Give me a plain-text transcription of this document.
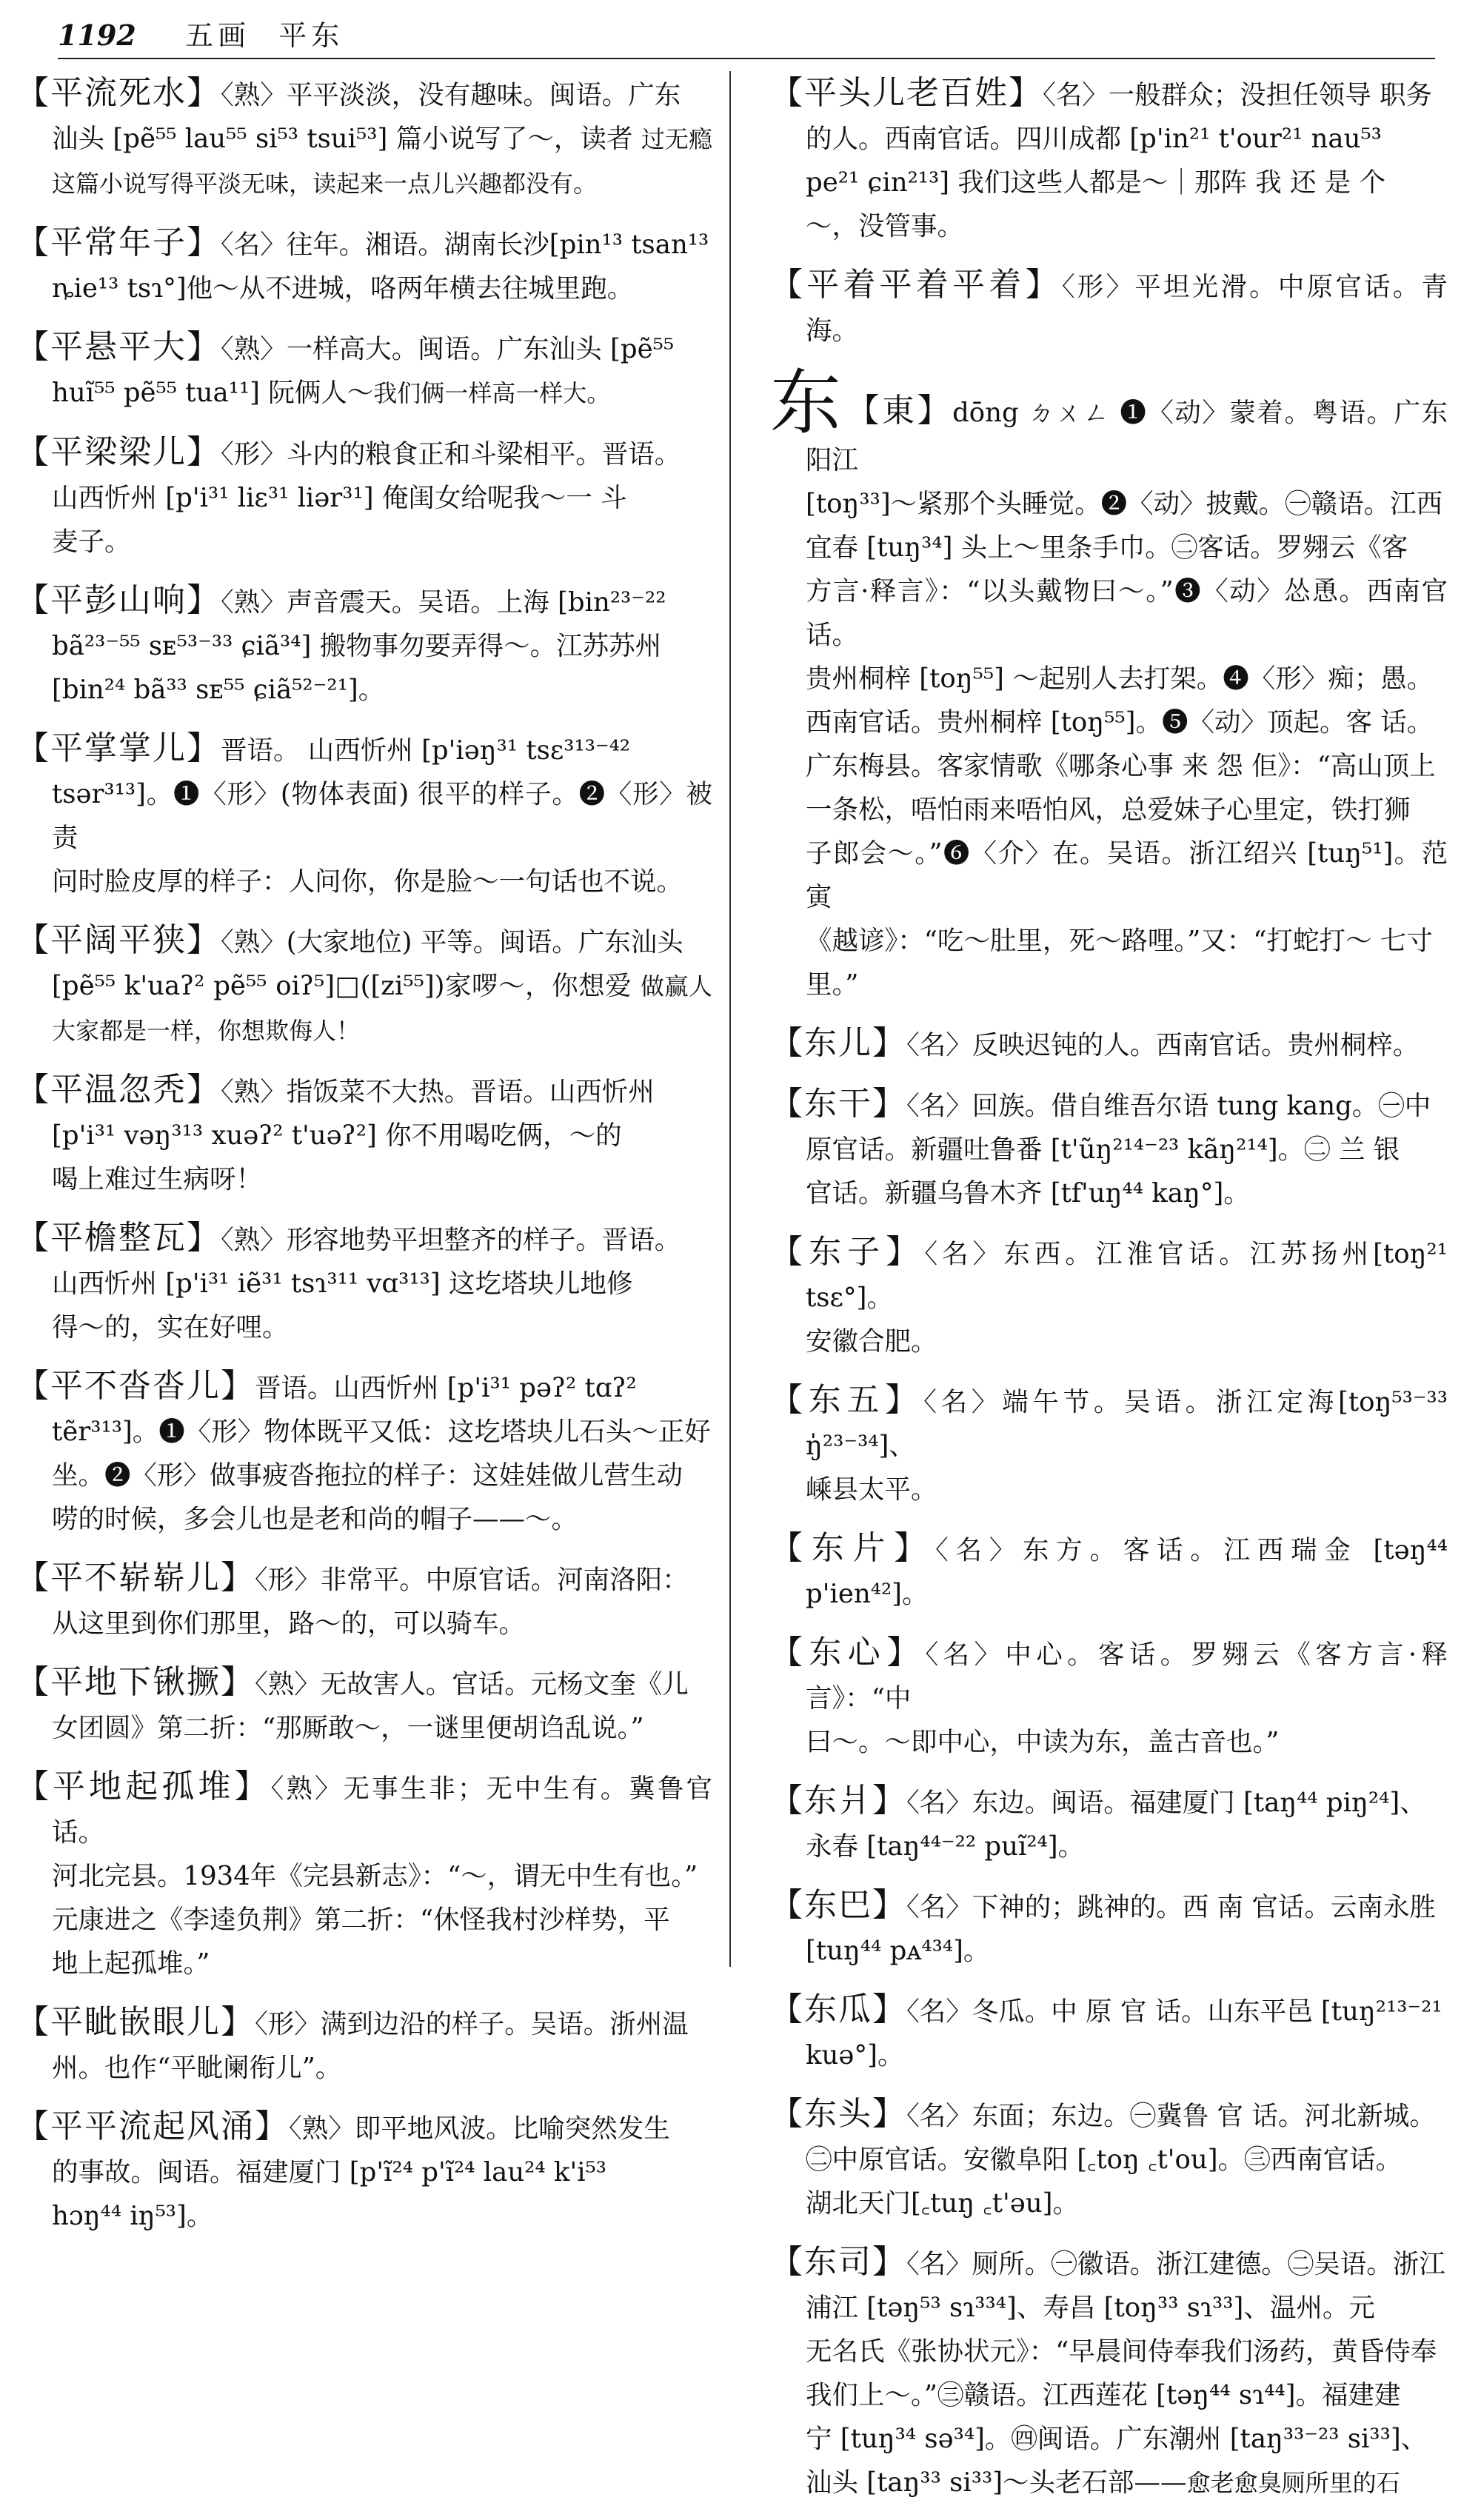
1192 五画 平东
【平流死水】〈熟〉平平淡淡，没有趣味。闽语。广东
汕头 [pẽ⁵⁵ lau⁵⁵ si⁵³ tsui⁵³] 篇小说写了～，读者 过无瘾这篇小说写得平淡无味，读起来一点儿兴趣都没有。
【平常年子】〈名〉往年。湘语。湖南长沙[pin¹³ tsan¹³
ȵie¹³ tsɿ°]他～从不进城，咯两年横去往城里跑。
【平悬平大】〈熟〉一样高大。闽语。广东汕头 [pẽ⁵⁵
huĩ⁵⁵ pẽ⁵⁵ tua¹¹] 阮俩人～我们俩一样高一样大。
【平梁梁儿】〈形〉斗内的粮食正和斗梁相平。晋语。
山西忻州 [p'i³¹ liɛ³¹ liər³¹] 俺闺女给呢我～一 斗
麦子。
【平彭山响】〈熟〉声音震天。吴语。上海 [bin²³⁻²²
bã²³⁻⁵⁵ sᴇ⁵³⁻³³ ɕiã³⁴] 搬物事勿要弄得～。江苏苏州
[bin²⁴ bã³³ sᴇ⁵⁵ ɕiã⁵²⁻²¹]。
【平掌掌儿】晋语。 山西忻州 [p'iəŋ³¹ tsɛ³¹³⁻⁴²
tsər³¹³]。❶〈形〉(物体表面) 很平的样子。❷〈形〉被责
问时脸皮厚的样子：人问你，你是脸～一句话也不说。
【平阔平狭】〈熟〉(大家地位) 平等。闽语。广东汕头
[pẽ⁵⁵ k'uaʔ² pẽ⁵⁵ oiʔ⁵]□([zi⁵⁵])家啰～，你想爱 做赢人大家都是一样，你想欺侮人！
【平温忽秃】〈熟〉指饭菜不大热。晋语。山西忻州
[p'i³¹ vəŋ³¹³ xuəʔ² t'uəʔ²] 你不用喝吃俩，～的
喝上难过生病呀！
【平檐整瓦】〈熟〉形容地势平坦整齐的样子。晋语。
山西忻州 [p'i³¹ iẽ³¹ tsɿ³¹¹ vɑ³¹³] 这圪塔块儿地修
得～的，实在好哩。
【平不沓沓儿】晋语。山西忻州 [p'i³¹ pəʔ² tɑʔ²
tẽr³¹³]。❶〈形〉物体既平又低：这圪塔块儿石头～正好
坐。❷〈形〉做事疲沓拖拉的样子：这娃娃做儿营生动
唠的时候，多会儿也是老和尚的帽子——～。
【平不崭崭儿】〈形〉非常平。中原官话。河南洛阳：
从这里到你们那里，路～的，可以骑车。
【平地下锹撅】〈熟〉无故害人。官话。元杨文奎《儿
女团圆》第二折：“那厮敢～，一谜里便胡诌乱说。”
【平地起孤堆】〈熟〉无事生非；无中生有。冀鲁官话。
河北完县。1934年《完县新志》：“～，谓无中生有也。”
元康进之《李逵负荆》第二折：“休怪我村沙样势，平
地上起孤堆。”
【平眦嵌眼儿】〈形〉满到边沿的样子。吴语。浙州温
州。也作“平眦阑衔儿”。
【平平流起风涌】〈熟〉即平地风波。比喻突然发生
的事故。闽语。福建厦门 [p'ĩ²⁴ p'ĩ²⁴ lau²⁴ k'i⁵³
hɔŋ⁴⁴ iŋ⁵³]。
【平头儿老百姓】〈名〉一般群众；没担任领导 职务
的人。西南官话。四川成都 [p'in²¹ t'our²¹ nau⁵³
pe²¹ ɕin²¹³] 我们这些人都是～｜那阵 我 还 是 个
～，没管事。
【平着平着平着】〈形〉平坦光滑。中原官话。青海。
东 【東】dōng ㄉㄨㄥ ❶〈动〉蒙着。粤语。广东阳江
[toŋ³³]～紧那个头睡觉。❷〈动〉披戴。㊀赣语。江西
宜春 [tuŋ³⁴] 头上～里条手巾。㊁客话。罗翙云《客
方言·释言》：“以头戴物曰～。”❸〈动〉怂恿。西南官话。
贵州桐梓 [toŋ⁵⁵] ～起别人去打架。❹〈形〉痴；愚。
西南官话。贵州桐梓 [toŋ⁵⁵]。❺〈动〉顶起。客 话。
广东梅县。客家情歌《哪条心事 来 怨 佢》：“高山顶上
一条松，唔怕雨来唔怕风，总爱妹子心里定，铁打狮
子郎会～。”❻〈介〉在。吴语。浙江绍兴 [tuŋ⁵¹]。范寅
《越谚》：“吃～肚里，死～路哩。”又：“打蛇打～ 七寸
里。”
【东儿】〈名〉反映迟钝的人。西南官话。贵州桐梓。
【东干】〈名〉回族。借自维吾尔语 tung kang。㊀中
原官话。新疆吐鲁番 [t'ũŋ²¹⁴⁻²³ kãŋ²¹⁴]。㊁ 兰 银
官话。新疆乌鲁木齐 [tf'uŋ⁴⁴ kaŋ°]。
【东子】〈名〉东西。江淮官话。江苏扬州[toŋ²¹ tsɛ°]。
安徽合肥。
【东五】〈名〉端午节。吴语。浙江定海[toŋ⁵³⁻³³ ŋ̍²³⁻³⁴]、
嵊县太平。
【东片】〈名〉东方。客话。江西瑞金 [təŋ⁴⁴ p'ien⁴²]。
【东心】〈名〉中心。客话。罗翙云《客方言·释言》：“中
曰～。～即中心，中读为东，盖古音也。”
【东爿】〈名〉东边。闽语。福建厦门 [taŋ⁴⁴ piŋ²⁴]、
永春 [taŋ⁴⁴⁻²² puĩ²⁴]。
【东巴】〈名〉下神的；跳神的。西 南 官话。云南永胜
[tuŋ⁴⁴ pᴀ⁴³⁴]。
【东瓜】〈名〉冬瓜。中 原 官 话。山东平邑 [tuŋ²¹³⁻²¹
kuə°]。
【东头】〈名〉东面；东边。㊀冀鲁 官 话。河北新城。
㊁中原官话。安徽阜阳 [꜀toŋ ꜀t'ou]。㊂西南官话。
湖北天门[꜀tuŋ ꜀t'əu]。
【东司】〈名〉厕所。㊀徽语。浙江建德。㊁吴语。浙江
浦江 [təŋ⁵³ sɿ³³⁴]、寿昌 [toŋ³³ sɿ³³]、温州。元
无名氏《张协状元》：“早晨间侍奉我们汤药，黄昏侍奉
我们上～。”㊂赣语。江西莲花 [təŋ⁴⁴ sɿ⁴⁴]。福建建
宁 [tuŋ³⁴ sə³⁴]。㊃闽语。广东潮州 [taŋ³³⁻²³ si³³]、
汕头 [taŋ³³ si³³]～头老石部——愈老愈臭厕所里的石
